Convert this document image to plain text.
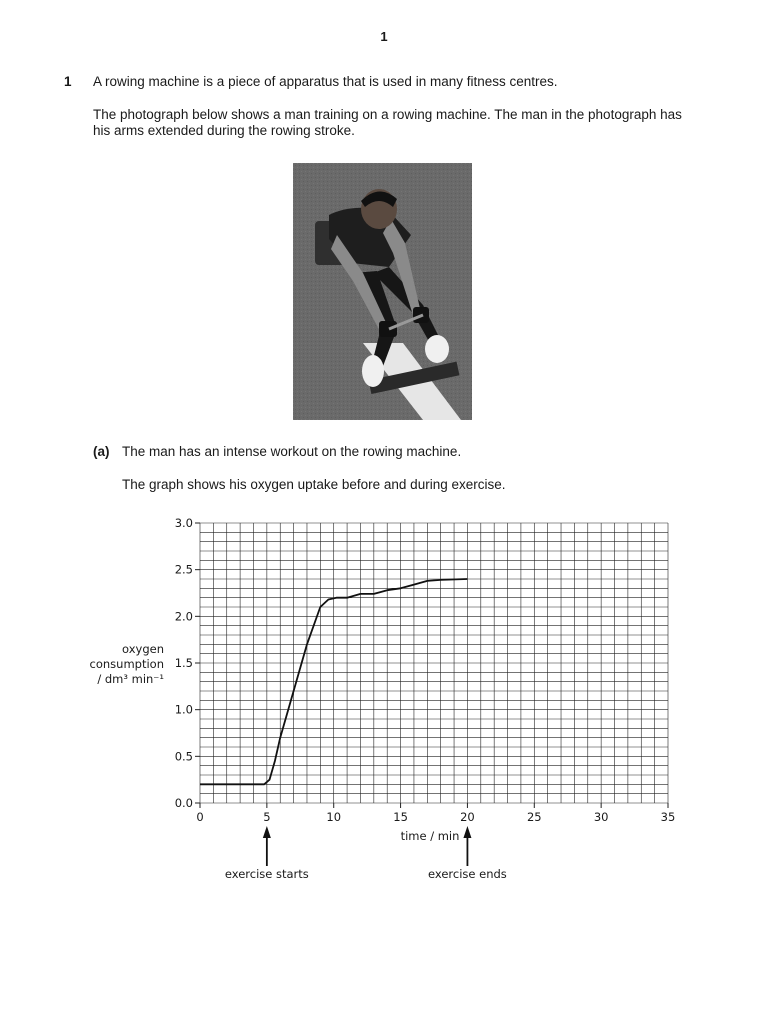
1
1 A rowing machine is a piece of apparatus that is used in many fitness centres.

The photograph below shows a man training on a rowing machine. The man in the photograph has

his arms extended during the rowing stroke.

(a) The man has an intense workout on the rowing machine.

The graph shows his oxygen uptake before and during exercise.

0	5	10	15	20	25	30	35
0.0
0.5
1.0
1.5
2.0
2.5
3.0
time / min
oxygen
consumption
/ dm³ min⁻¹
exercise starts	exercise ends
